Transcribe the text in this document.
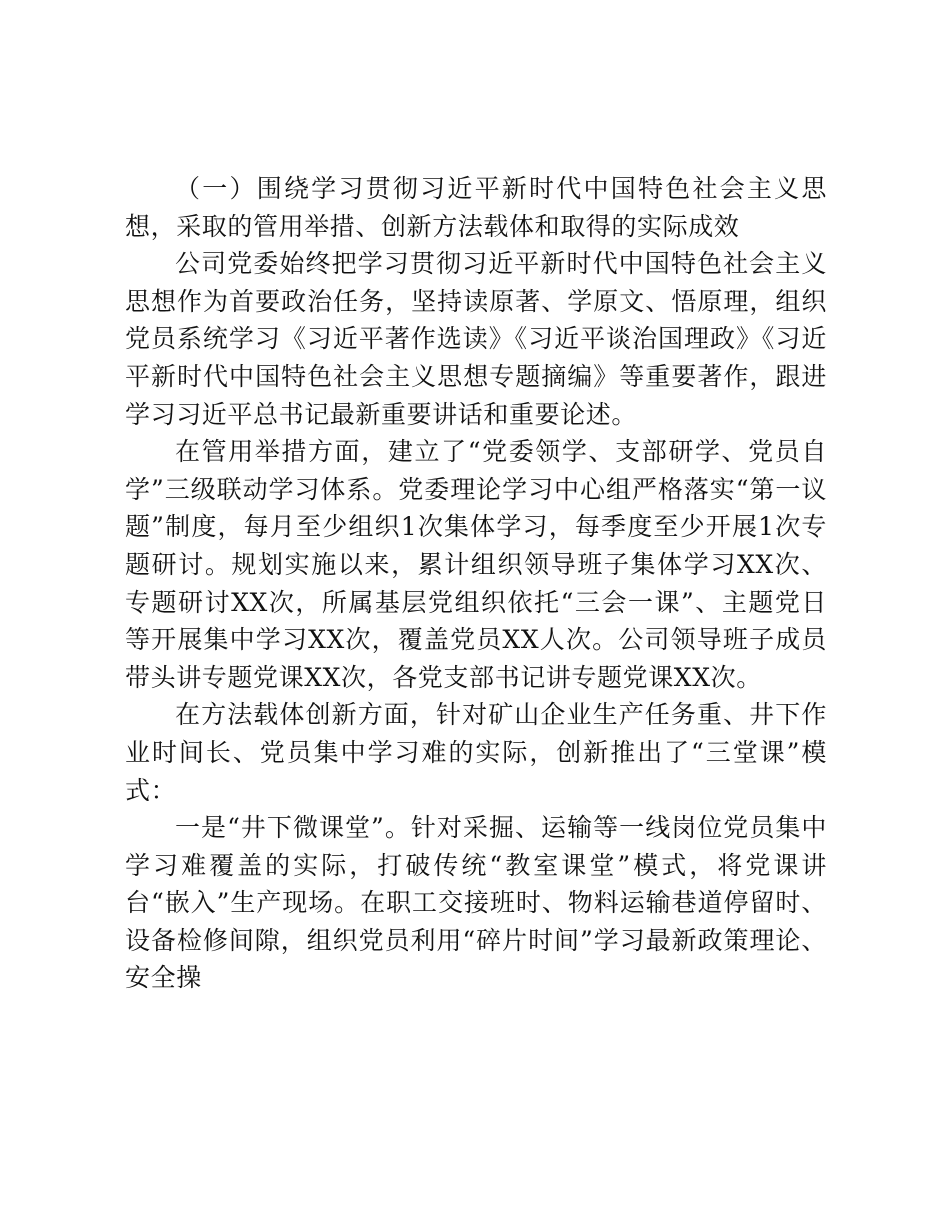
（一）围绕学习贯彻习近平新时代中国特色社会主义思想，采取的管用举措、创新方法载体和取得的实际成效

公司党委始终把学习贯彻习近平新时代中国特色社会主义思想作为首要政治任务，坚持读原著、学原文、悟原理，组织党员系统学习《习近平著作选读》《习近平谈治国理政》《习近平新时代中国特色社会主义思想专题摘编》等重要著作，跟进学习习近平总书记最新重要讲话和重要论述。

在管用举措方面，建立了“党委领学、支部研学、党员自学”三级联动学习体系。党委理论学习中心组严格落实“第一议题”制度，每月至少组织1次集体学习，每季度至少开展1次专题研讨。规划实施以来，累计组织领导班子集体学习XX次、专题研讨XX次，所属基层党组织依托“三会一课”、主题党日等开展集中学习XX次，覆盖党员XX人次。公司领导班子成员带头讲专题党课XX次，各党支部书记讲专题党课XX次。

在方法载体创新方面，针对矿山企业生产任务重、井下作业时间长、党员集中学习难的实际，创新推出了“三堂课”模式：

一是“井下微课堂”。针对采掘、运输等一线岗位党员集中学习难覆盖的实际，打破传统“教室课堂”模式，将党课讲台“嵌入”生产现场。在职工交接班时、物料运输巷道停留时、设备检修间隙，组织党员利用“碎片时间”学习最新政策理论、安全操
